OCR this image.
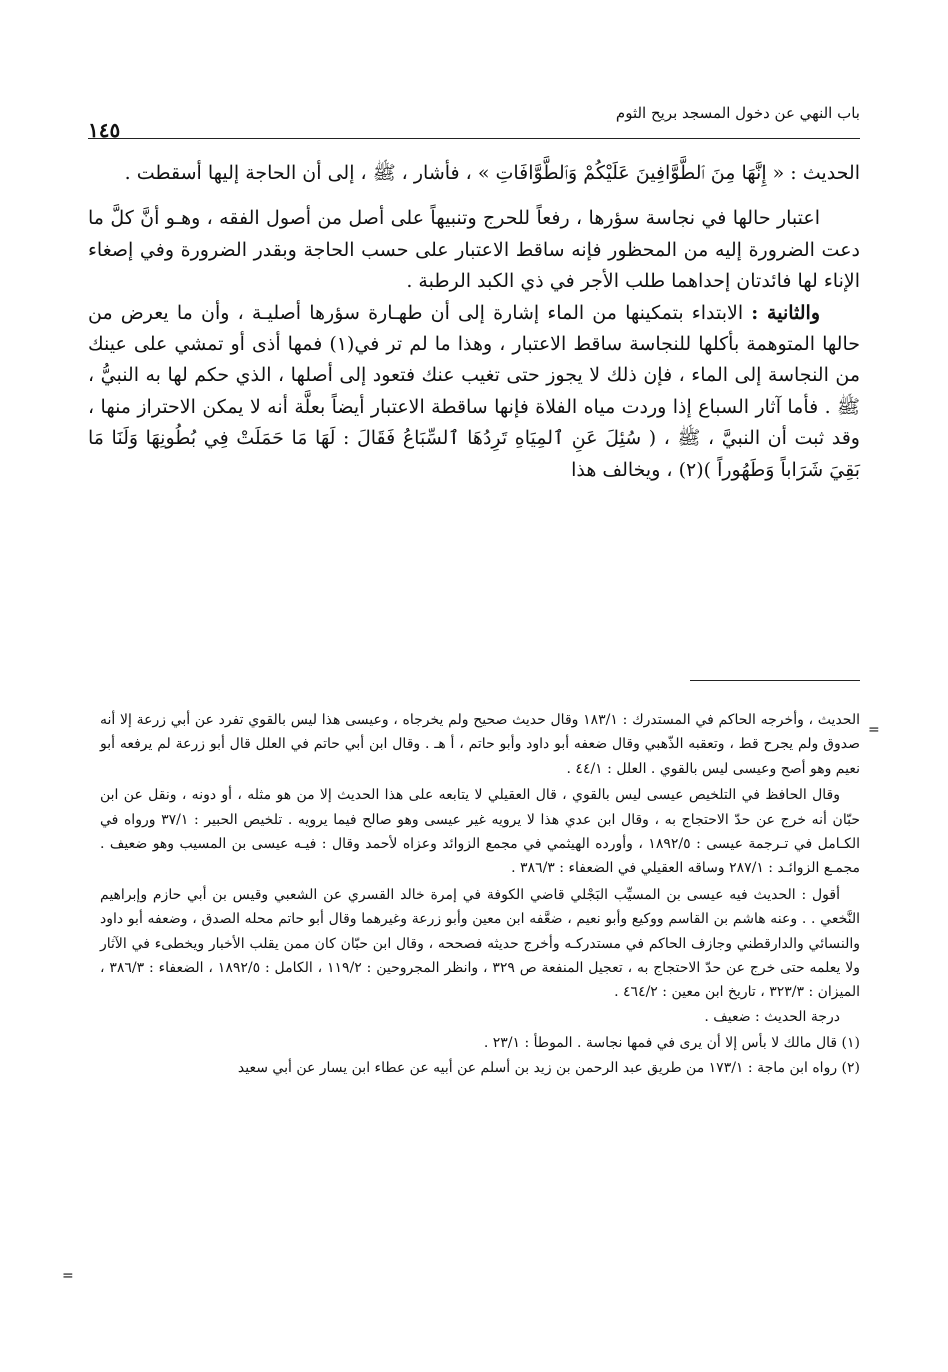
باب النهي عن دخول المسجد بريح الثوم
١٤٥

الحديث : « إِنَّهَا مِنَ ٱلطَّوَّافِينَ عَلَيْكُمْ وَٱلطَّوَّافَاتِ » ، فأشار ، ﷺ ، إلى أن الحاجة إليها أسقطت .

اعتبار حالها في نجاسة سؤرها ، رفعاً للحرج وتنبيهاً على أصل من أصول الفقه ، وهـو أنَّ كلَّ ما دعت الضرورة إليه من المحظور فإنه ساقط الاعتبار على حسب الحاجة وبقدر الضرورة وفي إصغاء الإناء لها فائدتان إحداهما طلب الأجر في ذي الكبد الرطبة .

والثانية : الابتداء بتمكينها من الماء إشارة إلى أن طهـارة سؤرها أصليـة ، وأن ما يعرض من حالها المتوهمة بأكلها للنجاسة ساقط الاعتبار ، وهذا ما لم تر في(١) فمها أذى أو تمشي على عينك من النجاسة إلى الماء ، فإن ذلك لا يجوز حتى تغيب عنك فتعود إلى أصلها ، الذي حكم لها به النبيُّ ، ﷺ . فأما آثار السباع إذا وردت مياه الفلاة فإنها ساقطة الاعتبار أيضاً بعلَّة أنه لا يمكن الاحتراز منها ، وقد ثبت أن النبيَّ ، ﷺ ، ( سُئِلَ عَنِ ٱلمِيَاهِ تَرِدُهَا ٱلسِّبَاعُ فَقَالَ : لَهَا مَا حَمَلَتْ فِي بُطُونِهَا وَلَنَا مَا بَقِيَ شَرَاباً وَطَهُوراً )(٢) ، ويخالف هذا

=

الحديث ، وأخرجه الحاكم في المستدرك : ١٨٣/١ وقال حديث صحيح ولم يخرجاه ، وعيسى هذا ليس بالقوي تفرد عن أبي زرعة إلا أنه صدوق ولم يجرح قط ، وتعقبه الذّهبي وقال ضعفه أبو داود وأبو حاتم ، أ هـ . وقال ابن أبي حاتم في العلل قال أبو زرعة لم يرفعه أبو نعيم وهو أصح وعيسى ليس بالقوي . العلل : ٤٤/١ .

وقال الحافظ في التلخيص عيسى ليس بالقوي ، قال العقيلي لا يتابعه على هذا الحديث إلا من هو مثله ، أو دونه ، ونقل عن ابن حبّان أنه خرج عن حدّ الاحتجاج به ، وقال ابن عدي هذا لا يرويه غير عيسى وهو صالح فيما يرويه . تلخيص الحبير : ٣٧/١ ورواه في الكـامل في تـرجمة عيسى : ١٨٩٢/٥ ، وأورده الهيثمي في مجمع الزوائد وعزاه لأحمد وقال : فيـه عيسى بن المسيب وهو ضعيف . مجمـع الزوائـد : ٢٨٧/١ وساقه العقيلي في الضعفاء : ٣٨٦/٣ .

أقول : الحديث فيه عيسى بن المسيِّب البَجْلي قاضي الكوفة في إمرة خالد القسري عن الشعبي وقيس بن أبي حازم وإبراهيم النَّخعي . . وعنه هاشم بن القاسم ووكيع وأبو نعيم ، ضعَّفه ابن معين وأبو زرعة وغيرهما وقال أبو حاتم محله الصدق ، وضعفه أبو داود والنسائي والدارقطني وجازف الحاكم في مستدركـه وأخرج حديثه فصححه ، وقال ابن حبّان كان ممن يقلب الأخبار ويخطىء في الآثار ولا يعلمه حتى خرج عن حدّ الاحتجاج به ، تعجيل المنفعة ص ٣٢٩ ، وانظر المجروحين : ١١٩/٢ ، الكامل : ١٨٩٢/٥ ، الضعفاء : ٣٨٦/٣ ، الميزان : ٣٢٣/٣ ، تاريخ ابن معين : ٤٦٤/٢ .

درجة الحديث : ضعيف .

(١) قال مالك لا بأس إلا أن يرى في فمها نجاسة . الموطأ : ٢٣/١ .

(٢) رواه ابن ماجة : ١٧٣/١ من طريق عبد الرحمن بن زيد بن أسلم عن أبيه عن عطاء ابن يسار عن أبي سعيد

=
